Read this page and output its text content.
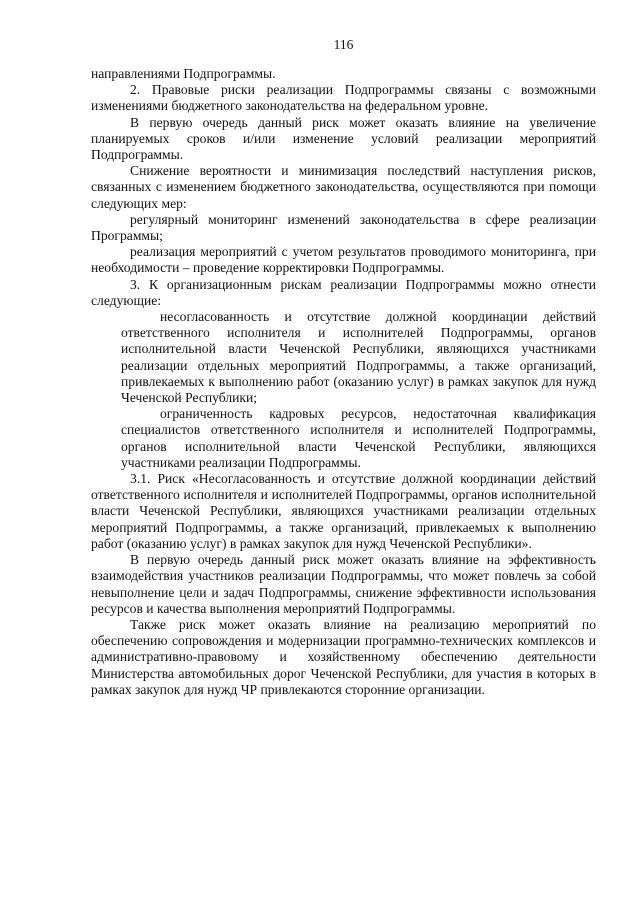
116

направлениями Подпрограммы.

2. Правовые риски реализации Подпрограммы связаны с возможными изменениями бюджетного законодательства на федеральном уровне.

В первую очередь данный риск может оказать влияние на увеличение планируемых сроков и/или изменение условий реализации мероприятий Подпрограммы.

Снижение вероятности и минимизация последствий наступления рисков, связанных с изменением бюджетного законодательства, осуществляются при помощи следующих мер:

регулярный мониторинг изменений законодательства в сфере реализации Программы;

реализация мероприятий с учетом результатов проводимого мониторинга, при необходимости – проведение корректировки Подпрограммы.

3. К организационным рискам реализации Подпрограммы можно отнести следующие:

несогласованность и отсутствие должной координации действий ответственного исполнителя и исполнителей Подпрограммы, органов исполнительной власти Чеченской Республики, являющихся участниками реализации отдельных мероприятий Подпрограммы, а также организаций, привлекаемых к выполнению работ (оказанию услуг) в рамках закупок для нужд Чеченской Республики;

ограниченность кадровых ресурсов, недостаточная квалификация специалистов ответственного исполнителя и исполнителей Подпрограммы, органов исполнительной власти Чеченской Республики, являющихся участниками реализации Подпрограммы.

3.1. Риск «Несогласованность и отсутствие должной координации действий ответственного исполнителя и исполнителей Подпрограммы, органов исполнительной власти Чеченской Республики, являющихся участниками реализации отдельных мероприятий Подпрограммы, а также организаций, привлекаемых к выполнению работ (оказанию услуг) в рамках закупок для нужд Чеченской Республики».

В первую очередь данный риск может оказать влияние на эффективность взаимодействия участников реализации Подпрограммы, что может повлечь за собой невыполнение цели и задач Подпрограммы, снижение эффективности использования ресурсов и качества выполнения мероприятий Подпрограммы.

Также риск может оказать влияние на реализацию мероприятий по обеспечению сопровождения и модернизации программно-технических комплексов и административно-правовому и хозяйственному обеспечению деятельности Министерства автомобильных дорог Чеченской Республики, для участия в которых в рамках закупок для нужд ЧР привлекаются сторонние организации.
